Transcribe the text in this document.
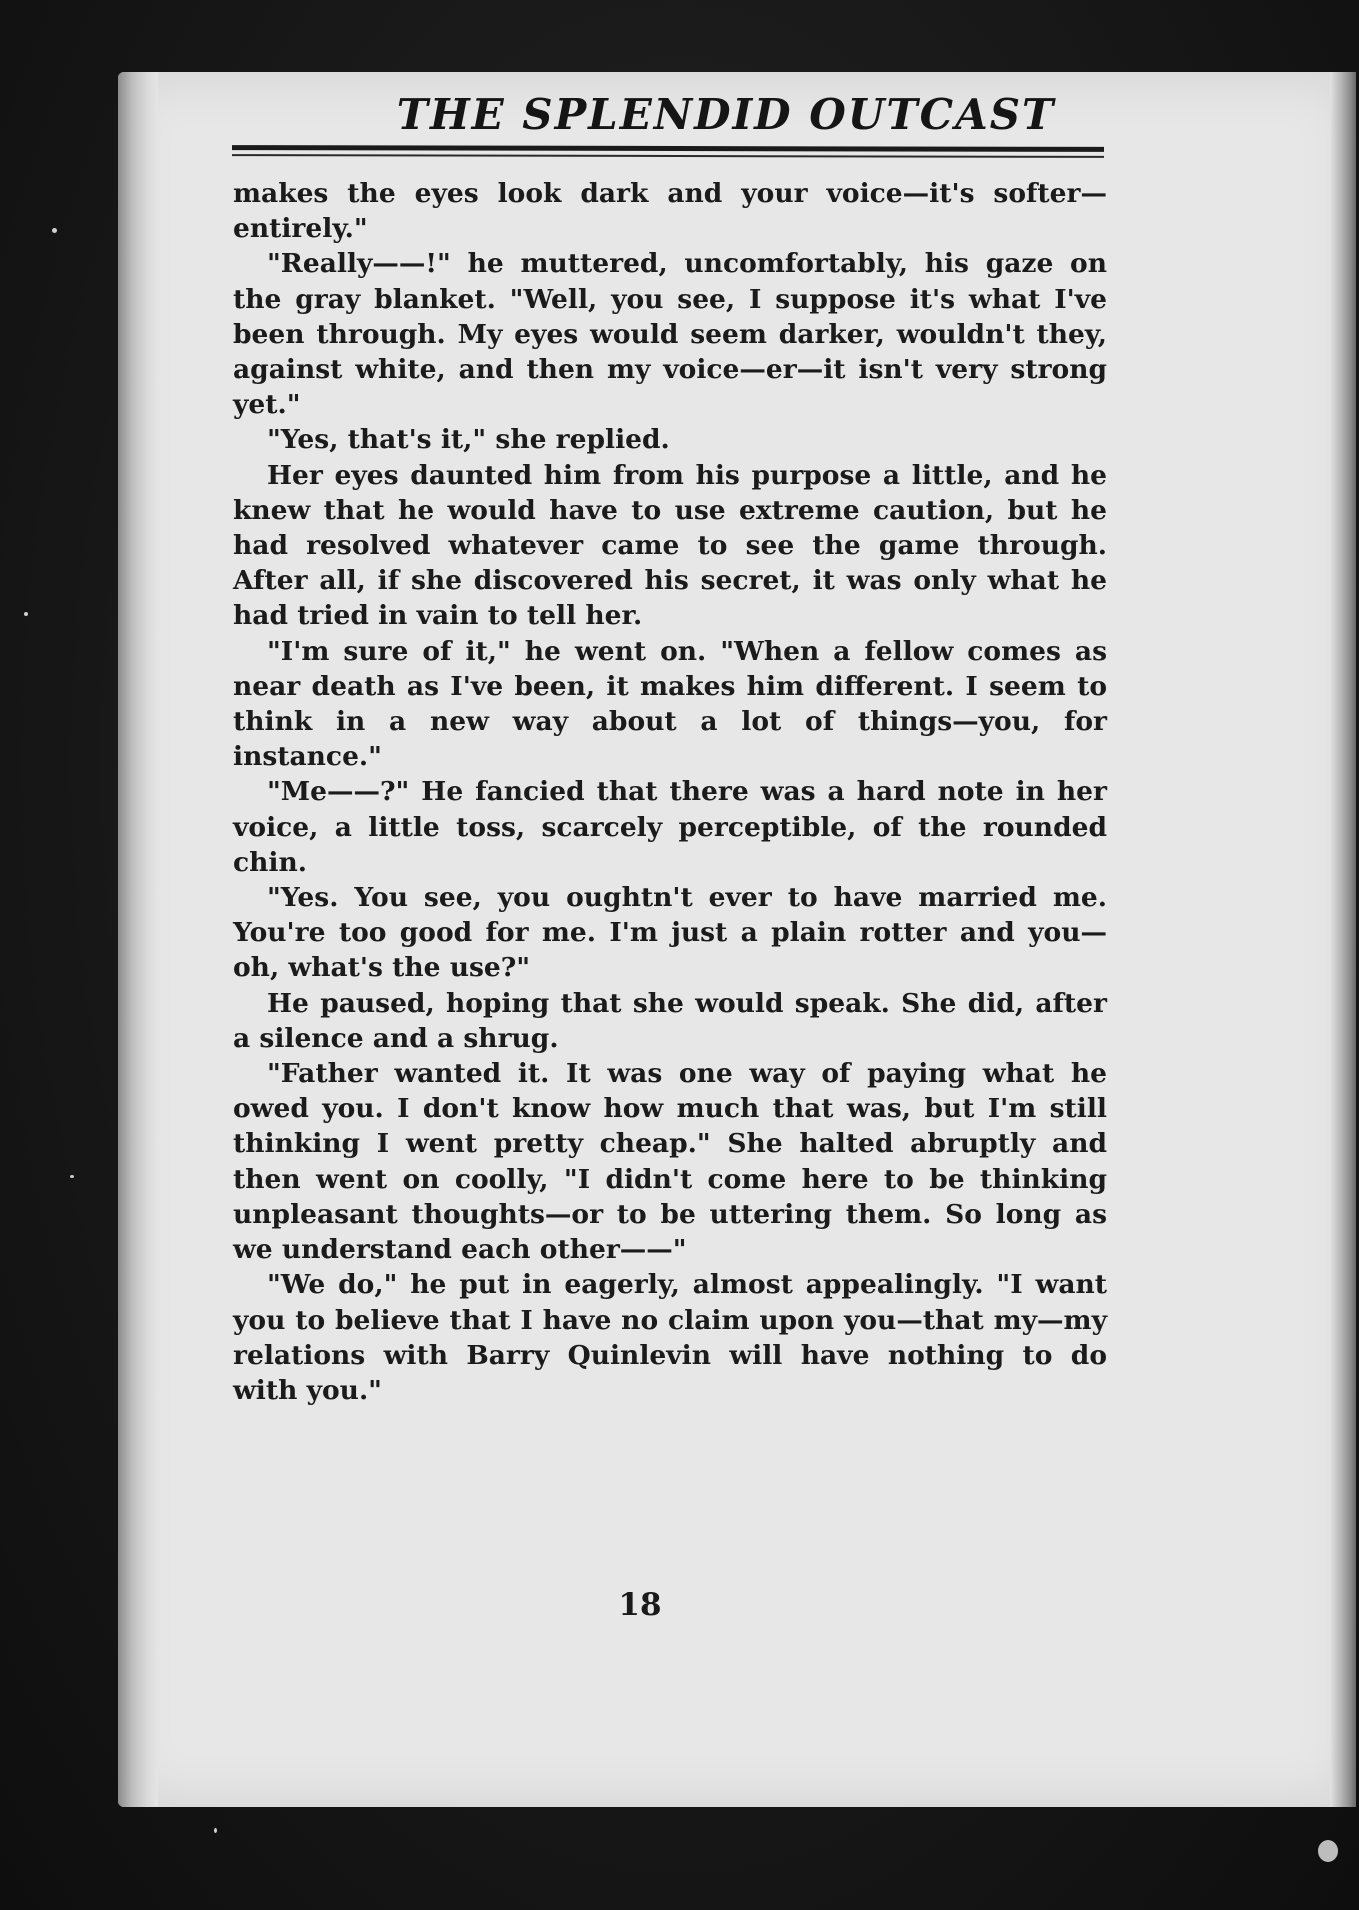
THE SPLENDID OUTCAST

makes the eyes look dark and your voice—it's softer—entirely."

"Really——!" he muttered, uncomfortably, his gaze on the gray blanket. "Well, you see, I suppose it's what I've been through. My eyes would seem darker, wouldn't they, against white, and then my voice—er—it isn't very strong yet."

"Yes, that's it," she replied.

Her eyes daunted him from his purpose a little, and he knew that he would have to use extreme caution, but he had resolved whatever came to see the game through. After all, if she discovered his secret, it was only what he had tried in vain to tell her.

"I'm sure of it," he went on. "When a fellow comes as near death as I've been, it makes him different. I seem to think in a new way about a lot of things—you, for instance."

"Me——?" He fancied that there was a hard note in her voice, a little toss, scarcely perceptible, of the rounded chin.

"Yes. You see, you oughtn't ever to have married me. You're too good for me. I'm just a plain rotter and you—oh, what's the use?"

He paused, hoping that she would speak. She did, after a silence and a shrug.

"Father wanted it. It was one way of paying what he owed you. I don't know how much that was, but I'm still thinking I went pretty cheap." She halted abruptly and then went on coolly, "I didn't come here to be thinking unpleasant thoughts—or to be uttering them. So long as we understand each other——"

"We do," he put in eagerly, almost appealingly. "I want you to believe that I have no claim upon you—that my—my relations with Barry Quinlevin will have nothing to do with you."

18
